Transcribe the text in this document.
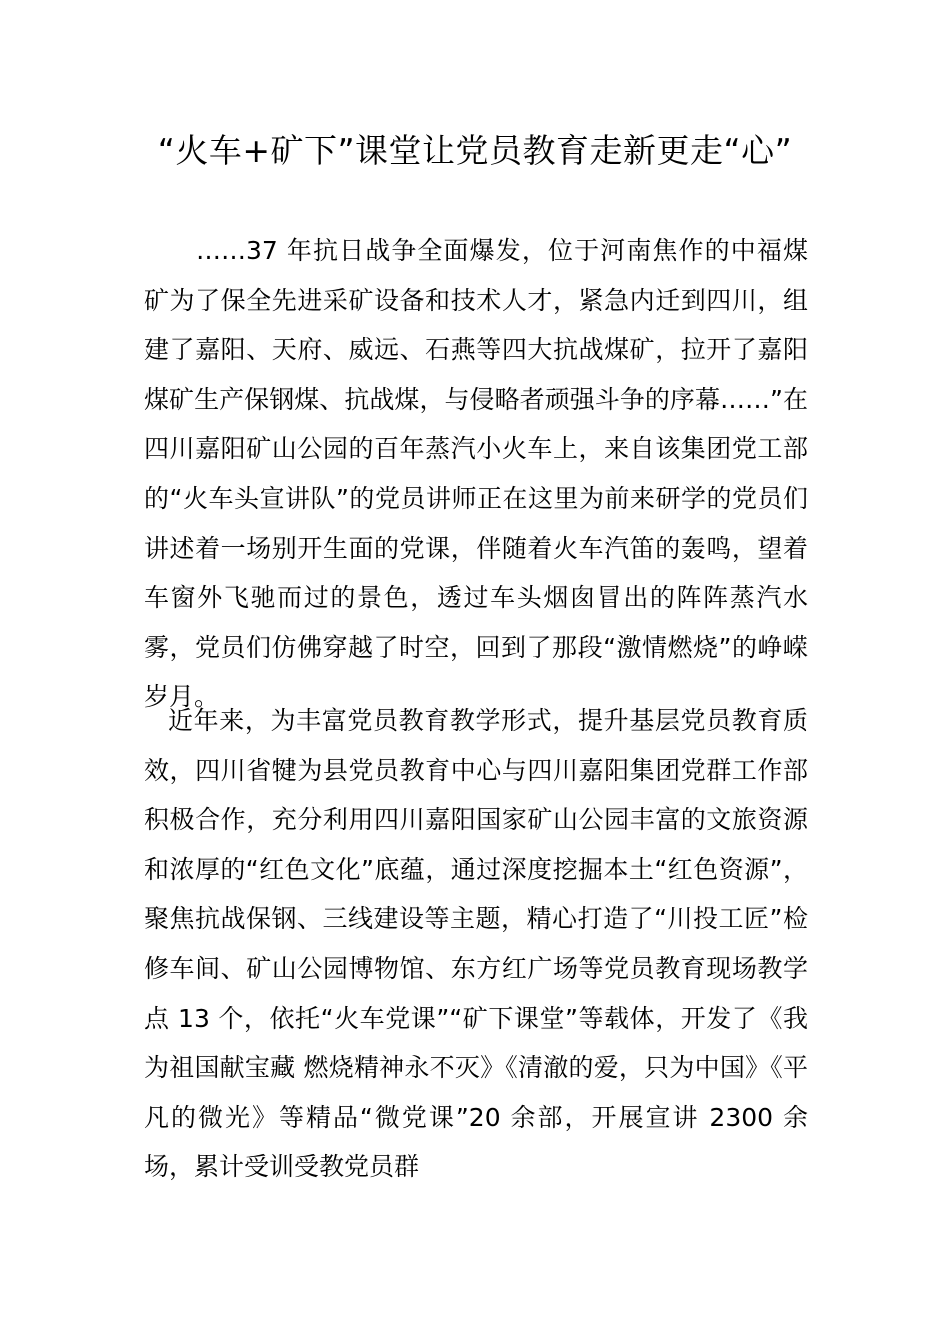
“火车+矿下”课堂让党员教育走新更走“心”

……37 年抗日战争全面爆发，位于河南焦作的中福煤矿为了保全先进采矿设备和技术人才，紧急内迁到四川，组建了嘉阳、天府、威远、石燕等四大抗战煤矿，拉开了嘉阳煤矿生产保钢煤、抗战煤，与侵略者顽强斗争的序幕……”在四川嘉阳矿山公园的百年蒸汽小火车上，来自该集团党工部的“火车头宣讲队”的党员讲师正在这里为前来研学的党员们讲述着一场别开生面的党课，伴随着火车汽笛的轰鸣，望着车窗外飞驰而过的景色，透过车头烟囱冒出的阵阵蒸汽水雾，党员们仿佛穿越了时空，回到了那段“激情燃烧”的峥嵘岁月。

近年来，为丰富党员教育教学形式，提升基层党员教育质效，四川省犍为县党员教育中心与四川嘉阳集团党群工作部积极合作，充分利用四川嘉阳国家矿山公园丰富的文旅资源和浓厚的“红色文化”底蕴，通过深度挖掘本土“红色资源”，聚焦抗战保钢、三线建设等主题，精心打造了“川投工匠”检修车间、矿山公园博物馆、东方红广场等党员教育现场教学点 13 个，依托“火车党课”“矿下课堂”等载体，开发了《我为祖国献宝藏 燃烧精神永不灭》《清澈的爱，只为中国》《平凡的微光》等精品“微党课”20 余部，开展宣讲 2300 余场，累计受训受教党员群
